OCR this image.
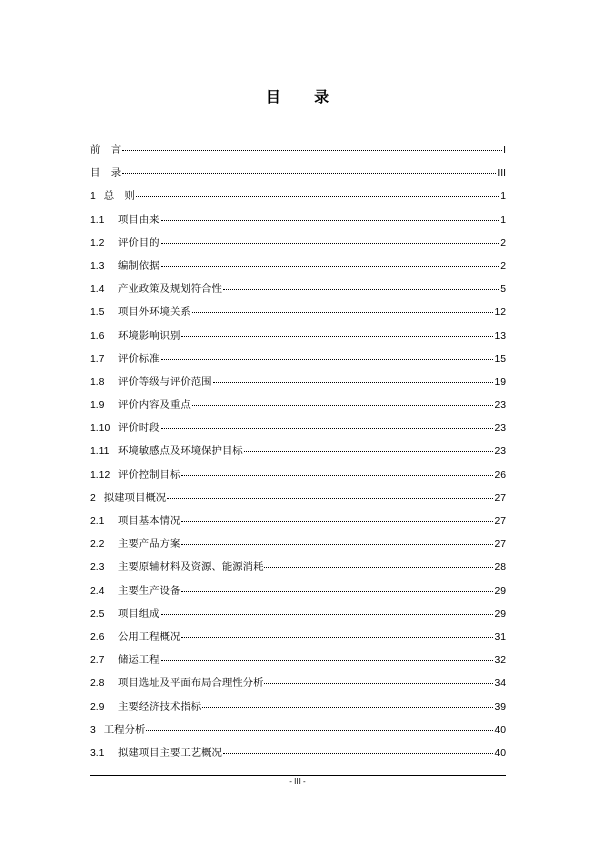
目 录
前　言	I
目　录	III
1 总　则	1
1.1	项目由来	1
1.2	评价目的	2
1.3	编制依据	2
1.4	产业政策及规划符合性	5
1.5	项目外环境关系	12
1.6	环境影响识别	13
1.7	评价标准	15
1.8	评价等级与评价范围	19
1.9	评价内容及重点	23
1.10 评价时段	23
1.11 环境敏感点及环境保护目标	23
1.12 评价控制目标	26
2 拟建项目概况	27
2.1	项目基本情况	27
2.2	主要产品方案	27
2.3	主要原辅材料及资源、能源消耗	28
2.4	主要生产设备	29
2.5	项目组成	29
2.6	公用工程概况	31
2.7	储运工程	32
2.8	项目选址及平面布局合理性分析	34
2.9	主要经济技术指标	39
3 工程分析	40
3.1	拟建项目主要工艺概况	40
- III -
